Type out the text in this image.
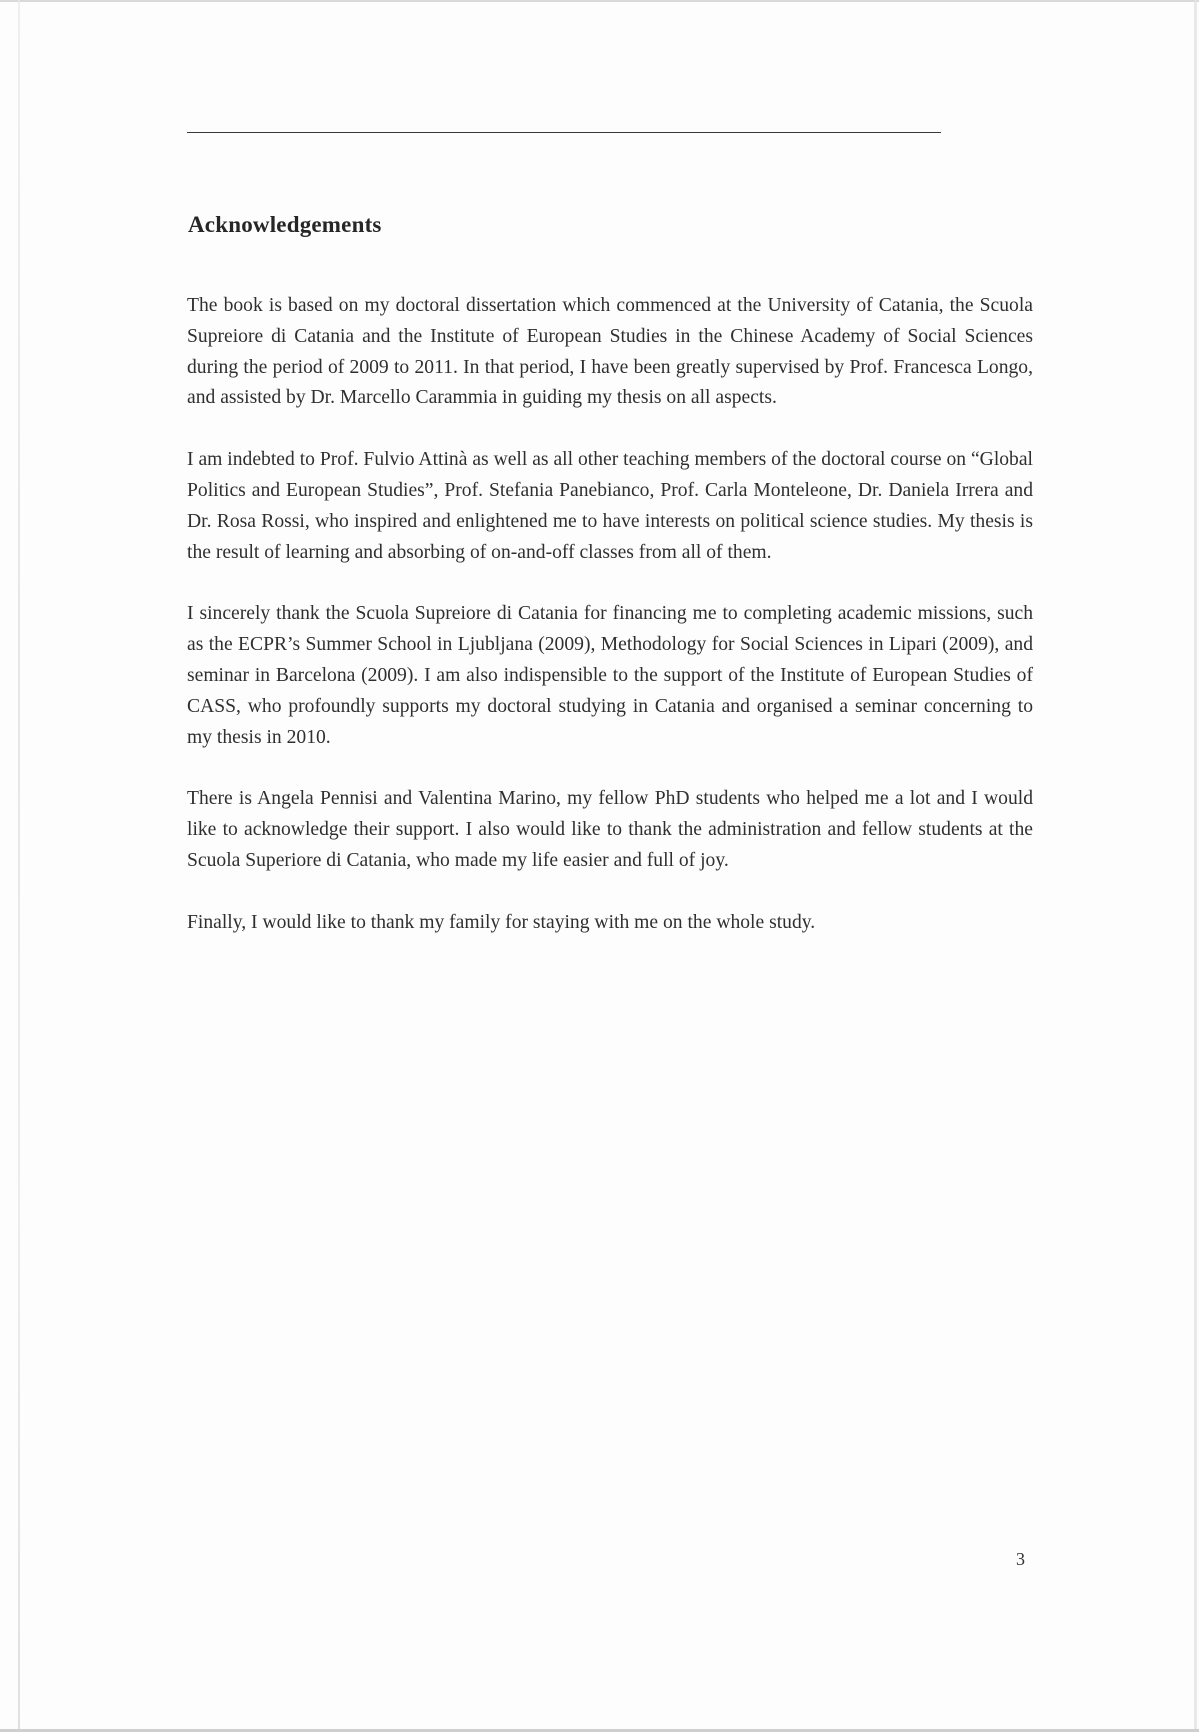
Acknowledgements

The book is based on my doctoral dissertation which commenced at the University of Catania, the Scuola Supreiore di Catania and the Institute of European Studies in the Chinese Academy of Social Sciences during the period of 2009 to 2011. In that period, I have been greatly supervised by Prof. Francesca Longo, and assisted by Dr. Marcello Carammia in guiding my thesis on all aspects.

I am indebted to Prof. Fulvio Attinà as well as all other teaching members of the doctoral course on “Global Politics and European Studies”, Prof. Stefania Panebianco, Prof. Carla Monteleone, Dr. Daniela Irrera and Dr. Rosa Rossi, who inspired and enlightened me to have interests on political science studies. My thesis is the result of learning and absorbing of on-and-off classes from all of them.

I sincerely thank the Scuola Supreiore di Catania for financing me to completing academic missions, such as the ECPR’s Summer School in Ljubljana (2009), Methodology for Social Sciences in Lipari (2009), and seminar in Barcelona (2009). I am also indispensible to the support of the Institute of European Studies of CASS, who profoundly supports my doctoral studying in Catania and organised a seminar concerning to my thesis in 2010.

There is Angela Pennisi and Valentina Marino, my fellow PhD students who helped me a lot and I would like to acknowledge their support. I also would like to thank the administration and fellow students at the Scuola Superiore di Catania, who made my life easier and full of joy.

Finally, I would like to thank my family for staying with me on the whole study.

3
